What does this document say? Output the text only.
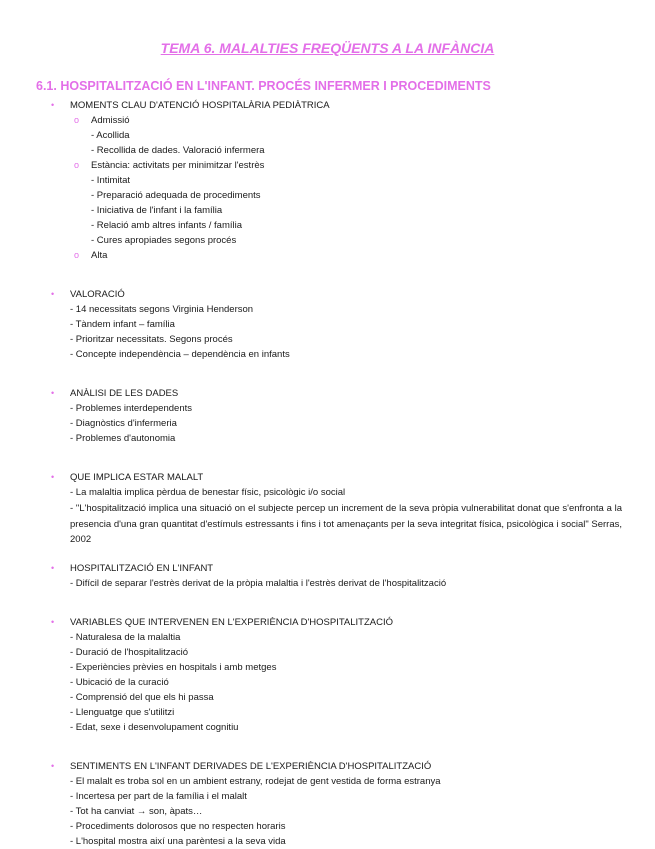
TEMA 6. MALALTIES FREQÜENTS A LA INFÀNCIA
6.1. HOSPITALITZACIÓ EN L'INFANT. PROCÉS INFERMER I PROCEDIMENTS
• MOMENTS CLAU D'ATENCIÓ HOSPITALÀRIA PEDIÀTRICA
o Admissió
- Acollida
- Recollida de dades. Valoració infermera
o Estància: activitats per minimitzar l'estrès
- Intimitat
- Preparació adequada de procediments
- Iniciativa de l'infant i la família
- Relació amb altres infants / família
- Cures apropiades segons procés
o Alta
• VALORACIÓ
- 14 necessitats segons Virginia Henderson
- Tàndem infant – família
- Prioritzar necessitats. Segons procés
- Concepte independència – dependència en infants
• ANÀLISI DE LES DADES
- Problemes interdependents
- Diagnòstics d'infermeria
- Problemes d'autonomia
• QUE IMPLICA ESTAR MALALT
- La malaltia implica pèrdua de benestar físic, psicològic i/o social
- "L'hospitalització implica una situació on el subjecte percep un increment de la seva pròpia vulnerabilitat donat que s'enfronta a la presencia d'una gran quantitat d'estímuls estressants i fins i tot amenaçants per la seva integritat física, psicològica i social" Serras, 2002
• HOSPITALITZACIÓ EN L'INFANT
- Difícil de separar l'estrès derivat de la pròpia malaltia i l'estrès derivat de l'hospitalització
• VARIABLES QUE INTERVENEN EN L'EXPERIÈNCIA D'HOSPITALITZACIÓ
- Naturalesa de la malaltia
- Duració de l'hospitalització
- Experiències prèvies en hospitals i amb metges
- Ubicació de la curació
- Comprensió del que els hi passa
- Llenguatge que s'utilitzi
- Edat, sexe i desenvolupament cognitiu
• SENTIMENTS EN L'INFANT DERIVADES DE L'EXPERIÈNCIA D'HOSPITALITZACIÓ
- El malalt es troba sol en un ambient estrany, rodejat de gent vestida de forma estranya
- Incertesa per part de la família i el malalt
- Tot ha canviat → son, àpats…
- Procediments dolorosos que no respecten horaris
- L'hospital mostra així una parèntesi a la seva vida
